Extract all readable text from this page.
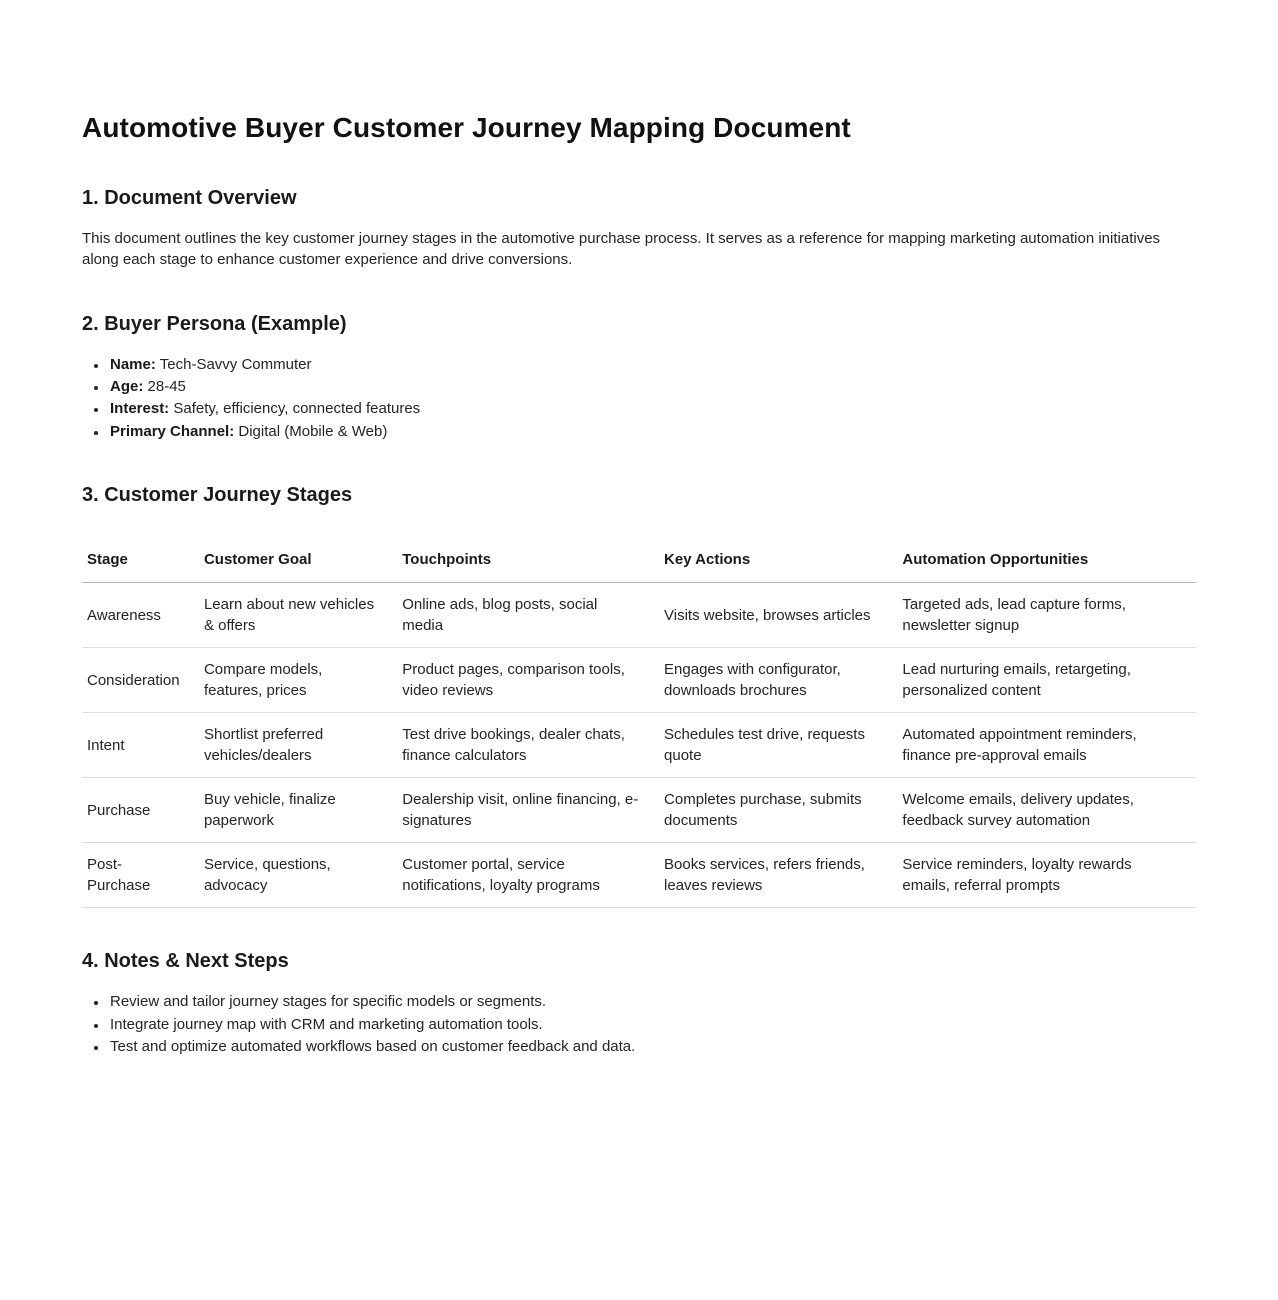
Automotive Buyer Customer Journey Mapping Document
1. Document Overview

This document outlines the key customer journey stages in the automotive purchase process. It serves as a reference for mapping marketing automation initiatives along each stage to enhance customer experience and drive conversions.

2. Buyer Persona (Example)
• Name: Tech-Savvy Commuter
• Age: 28-45
• Interest: Safety, efficiency, connected features
• Primary Channel: Digital (Mobile & Web)
3. Customer Journey Stages
Stage	Customer Goal	Touchpoints	Key Actions	Automation Opportunities
Awareness	Learn about new vehicles & offers	Online ads, blog posts, social media	Visits website, browses articles	Targeted ads, lead capture forms, newsletter signup
Consideration	Compare models, features, prices	Product pages, comparison tools, video reviews	Engages with configurator, downloads brochures	Lead nurturing emails, retargeting, personalized content
Intent	Shortlist preferred vehicles/dealers	Test drive bookings, dealer chats, finance calculators	Schedules test drive, requests quote	Automated appointment reminders, finance pre-approval emails
Purchase	Buy vehicle, finalize paperwork	Dealership visit, online financing, e-signatures	Completes purchase, submits documents	Welcome emails, delivery updates, feedback survey automation
Post-Purchase	Service, questions, advocacy	Customer portal, service notifications, loyalty programs	Books services, refers friends, leaves reviews	Service reminders, loyalty rewards emails, referral prompts
4. Notes & Next Steps
• Review and tailor journey stages for specific models or segments.
• Integrate journey map with CRM and marketing automation tools.
• Test and optimize automated workflows based on customer feedback and data.
